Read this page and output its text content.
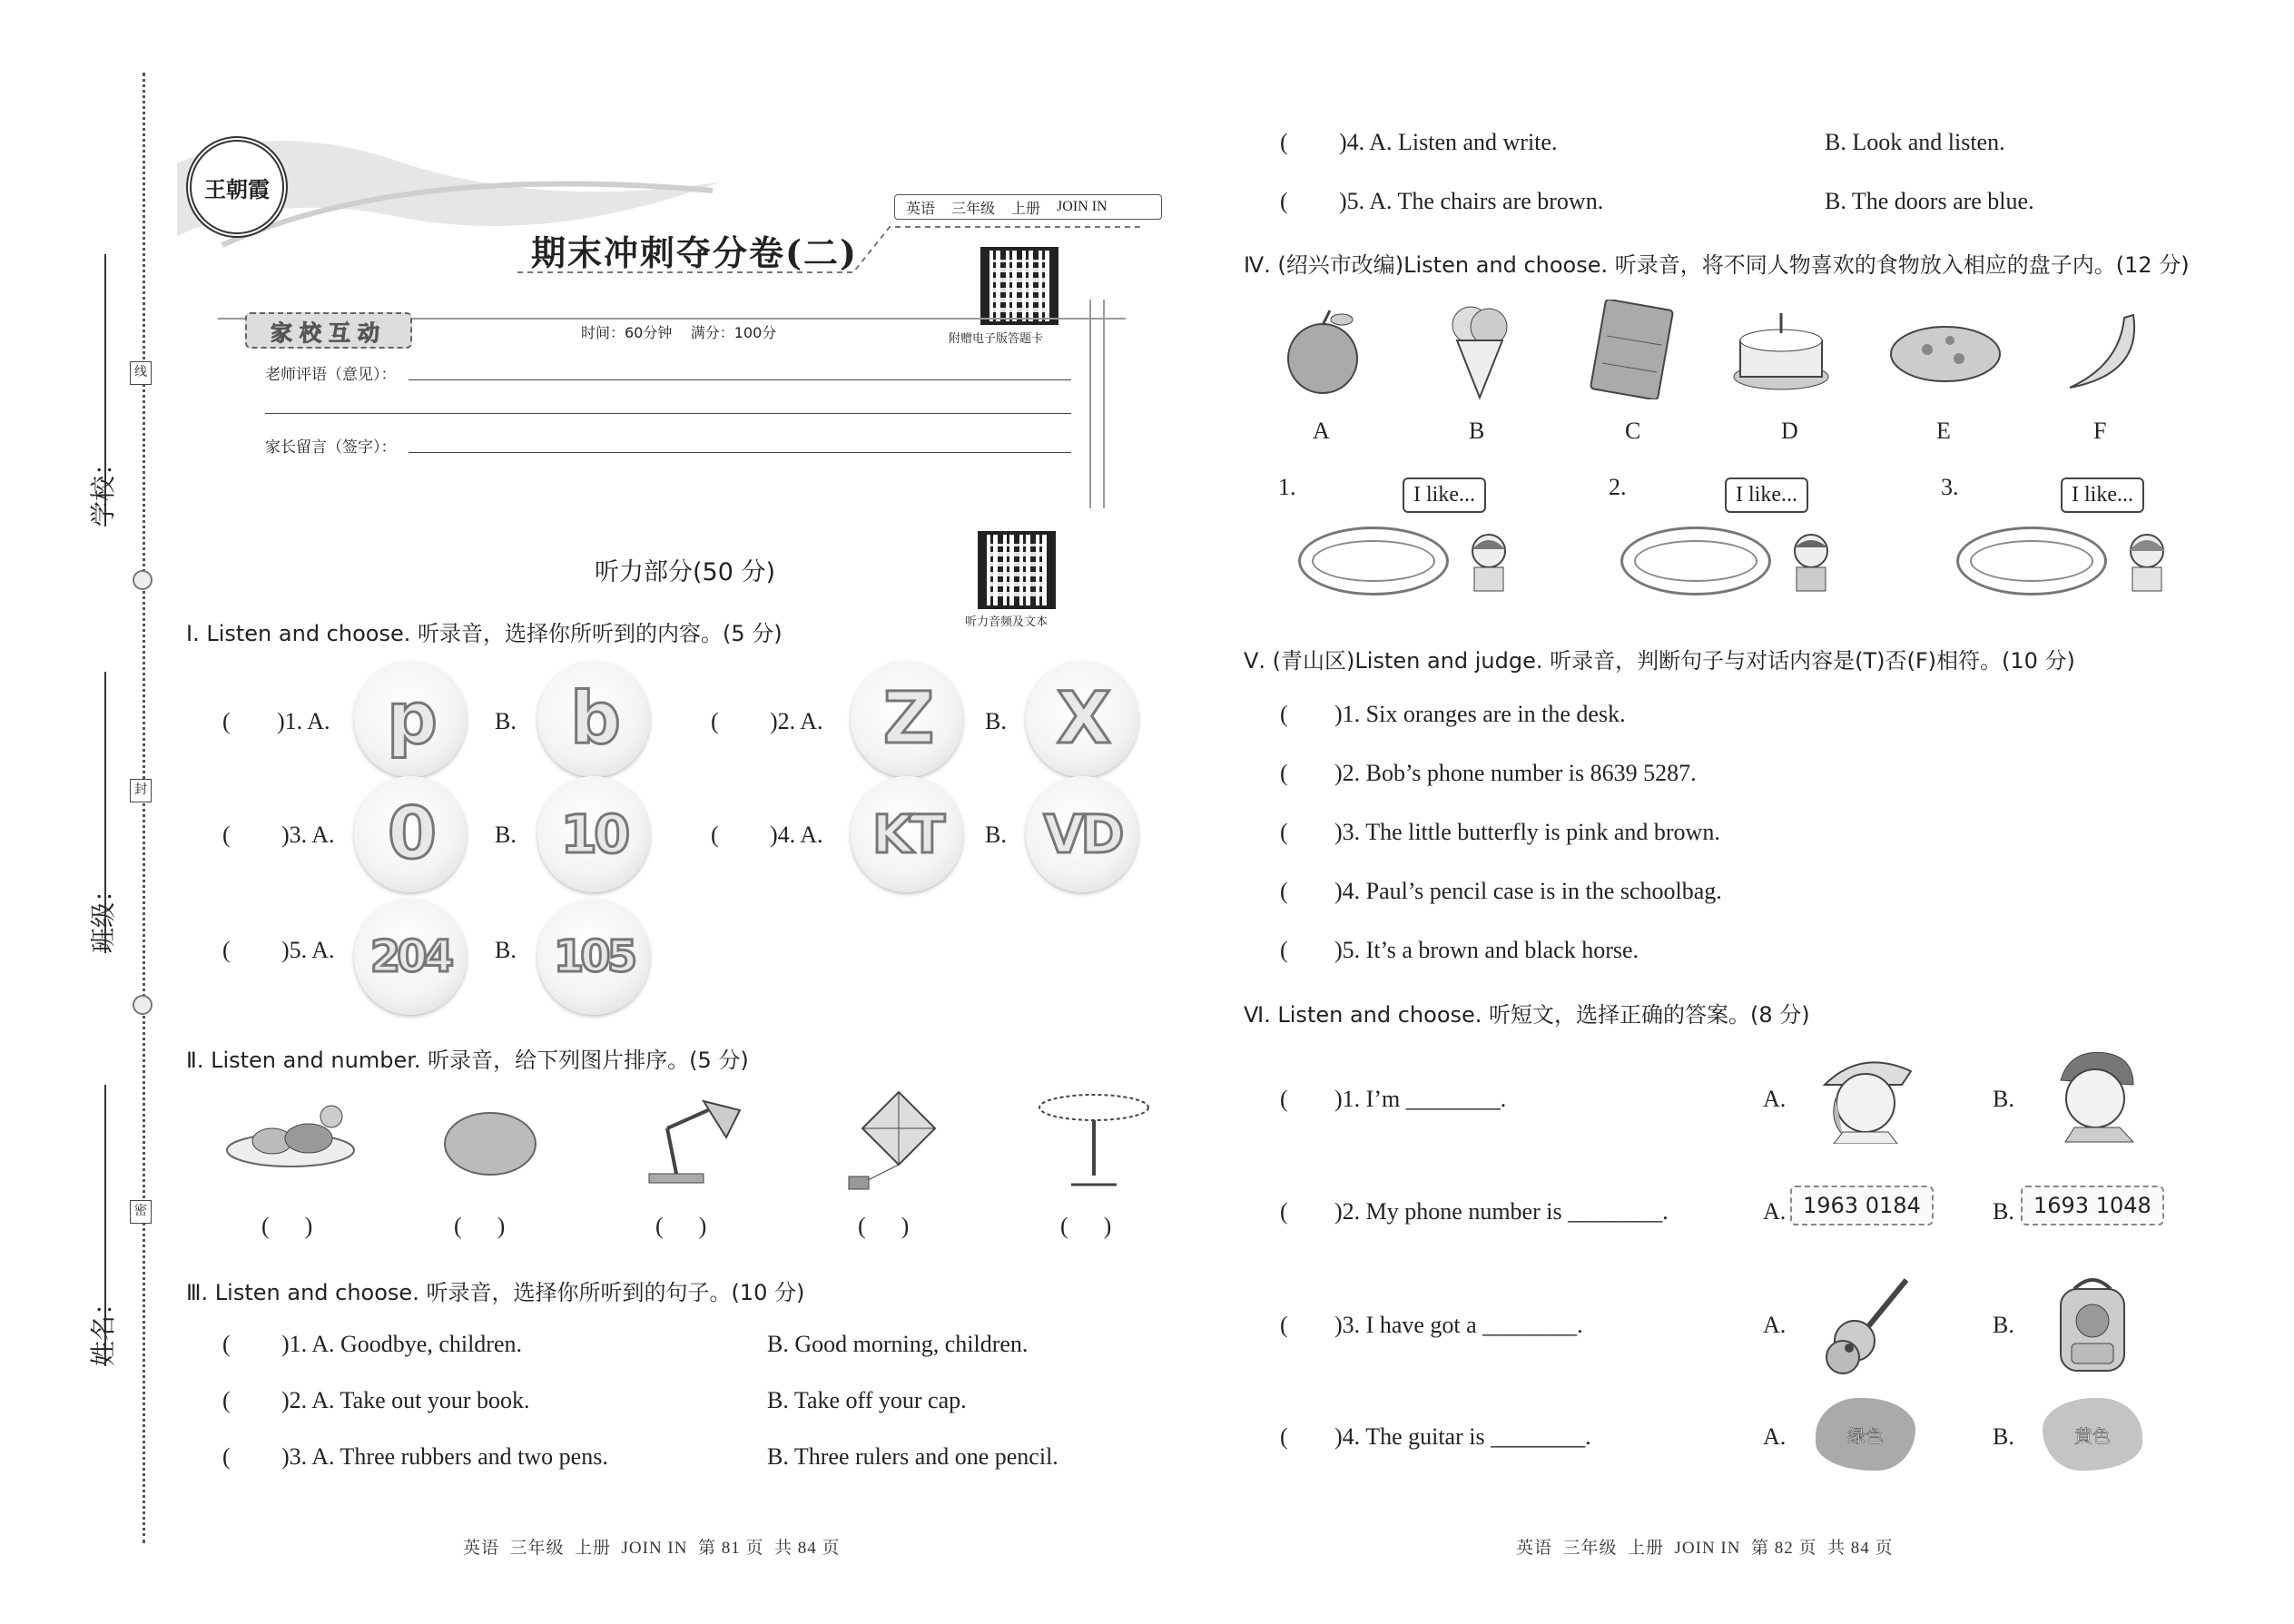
学校：
线
班级：
封
姓名：
密
王朝霞
英语 三年级 上册 JOIN IN
期末冲刺夺分卷(二)
附赠电子版答题卡
家校互动	时间：60分钟    满分：100分
老师评语（意见）：
家长留言（签字）：
听力部分(50 分)
听力音频及文本
Ⅰ. Listen and choose. 听录音，选择你所听到的内容。(5 分)
( )1. A. p	B. b	( )2. A. Z B. X
( )3. A. 0	B. 10	( )4. A. KT B. VD
( )5. A. 204 B. 105
Ⅱ. Listen and number. 听录音，给下列图片排序。(5 分)
(      )	(      )	(      )	(      )	(      )
Ⅲ. Listen and choose. 听录音，选择你所听到的句子。(10 分)
( )1. A. Goodbye, children.	B. Good morning, children.
( )2. A. Take out your book.	B. Take off your cap.
( )3. A. Three rubbers and two pens.	B. Three rulers and one pencil.
英语  三年级  上册  JOIN IN  第 81 页  共 84 页
( )4. A. Listen and write.	B. Look and listen.
( )5. A. The chairs are brown.	B. The doors are blue.
Ⅳ. (绍兴市改编)Listen and choose. 听录音，将不同人物喜欢的食物放入相应的盘子内。(12 分)
A	B	C	D	E	F
1.	I like...	2.	I like...	3.	I like...
Ⅴ. (青山区)Listen and judge. 听录音，判断句子与对话内容是(T)否(F)相符。(10 分)
( )1. Six oranges are in the desk.
( )2. Bob’s phone number is 8639 5287.
( )3. The little butterfly is pink and brown.
( )4. Paul’s pencil case is in the schoolbag.
( )5. It’s a brown and black horse.
Ⅵ. Listen and choose. 听短文，选择正确的答案。(8 分)
( )1. I’m ________.	A.	B.
( )2. My phone number is ________.	A. 1963 0184	B. 1693 1048
( )3. I have got a ________.	A.	B.
( )4. The guitar is ________.	A.	绿色	B.	黄色
英语  三年级  上册  JOIN IN  第 82 页  共 84 页
